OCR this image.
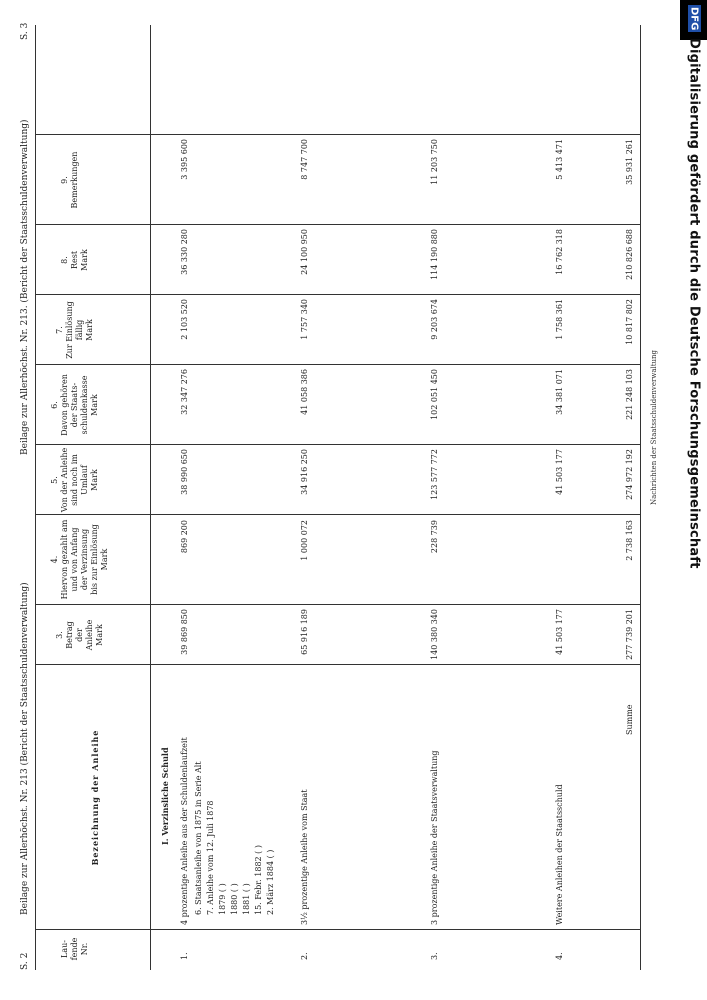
DFG
Digitalisierung gefördert durch die Deutsche Forschungsgemeinschaft
S. 2
Beilage zur Allerhöchst. Nr. 213 (Bericht der Staatsschuldenverwaltung)
Beilage zur Allerhöchst. Nr. 213. (Bericht der Staatsschuldenverwaltung)
S. 3
Lau-
fende
Nr.
Bezeichnung der Anleihe
3.
Betrag
der
Anleihe
Mark
4.
Hiervon gezahlt am
und von Anfang
der Verzinsung
bis zur Einlösung
Mark
5.
Von der Anleihe
sind noch im
Umlauf
Mark
6.
Davon gehören
der Staats-
schuldenkasse
Mark
7.
Zur Einlösung
fällig
Mark
8.
Rest
Mark
9.
Bemerkungen
I. Verzinsliche Schuld
1.
4 prozentige Anleihe aus der Schuldenlaufzeit
39 869 850
869 200
6. Staatsanleihe von 1875 in Serie Alt 7. Anleihe vom 12. Juli 1878 1879 ( ) 1880 ( ) 1881 ( ) 15. Febr. 1882 ( ) 2. März 1884 ( )
2.
3½ prozentige Anleihe vom Staat
65 916 189
1 000 072
3.
3 prozentige Anleihe der Staatsverwaltung
140 380 340
228 739
4.
Weitere Anleihen der Staatsschuld
41 503 177
Summe
277 739 201
2 738 163
38 990 650
32 347 276
2 103 520
36 330 280
3 395 600
34 916 250
41 058 386
1 757 340
24 100 950
8 747 700
123 577 772
102 051 450
9 203 674
114 190 880
11 203 750
41 503 177
34 381 071
1 758 361
16 762 318
5 413 471
274 972 192
221 248 103
10 817 802
210 826 688
35 931 261
Nachrichten der Staatsschuldenverwaltung
